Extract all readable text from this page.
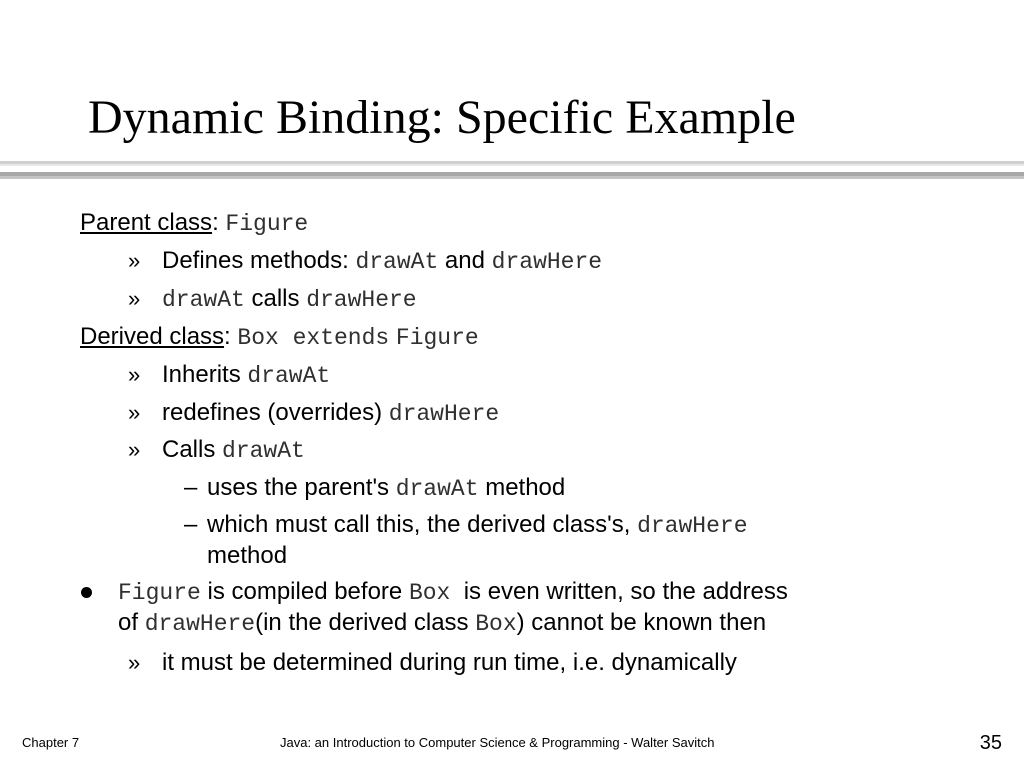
Dynamic Binding: Specific Example
Parent class: Figure
» Defines methods: drawAt and drawHere
» drawAt calls drawHere
Derived class: Box extends Figure
» Inherits drawAt
» redefines (overrides) drawHere
» Calls drawAt
– uses the parent's drawAt method
– which must call this, the derived class's, drawHere
method
Figure is compiled before Box  is even written, so the address
of drawHere(in the derived class Box) cannot be known then
» it must be determined during run time, i.e. dynamically
Chapter 7	Java: an Introduction to Computer Science & Programming - Walter Savitch	35
